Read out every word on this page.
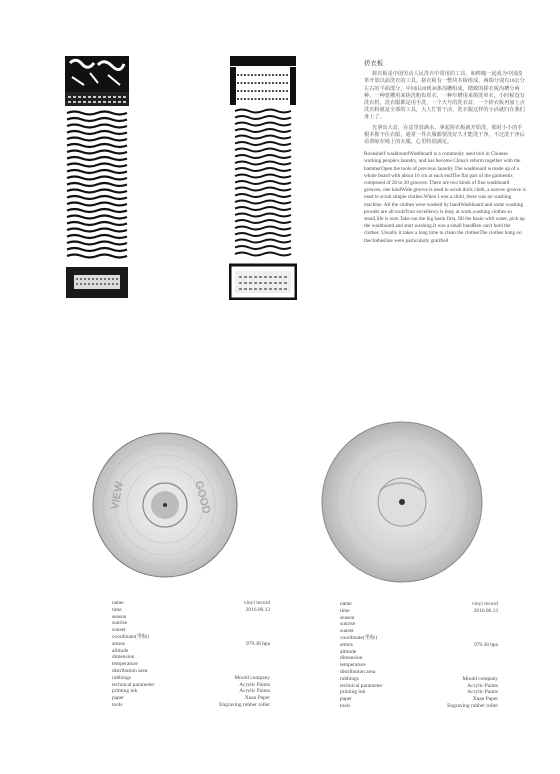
VIEW	GOOD
搓衣板

搓衣板是中国劳动人民洗衣中常用的工具，和棒槌一起成为中国改革开放以前洗衣的工具。搓衣板有一整块木板组成，两端分别有16公分左右的平面部分，中间由20到30条沟槽组成，精致的搓衣板沟槽分两种，一种宽槽用来搓洗粗布厚衣，一种窄槽用来搓洗单衣。小时候没有洗衣机，洗衣服都是用手洗，一个大号的洗衣盆，一个搓衣板再加上点洗衣粉就是全部的工具，大人忙着干活，洗衣服这样的小活就归在我们身上了。

先拿出大盆，在盆里放满水，拿起搓衣板就开始洗，那时小小的手根本握不住衣服，通常一件衣服都要洗好久才能洗干净，不过洗干净后看着晾在绳上的衣服，心里特别满足。

Bookshelf washboardWashboard is a commonly used tool in Chinese working people's laundry, and has become China's reform together with the hammerOpen the tools of previous laundry The washboard is made up of a whole board with about 16 cm at each endThe flat part of the garmentis composed of 20 to 30 grooves. There are two kinds of fine washboard grooves, one kindWide groove is used to scrub thick cloth, a narrow groove is used to scrub simple clothes.When I was a child, there was no washing machine. All the clothes were washed by handWashboard and some washing powder are all toolsYour excellency is busy at work,washing clothes so small,life is ours.Take out the big basin first, fill the basin with water, pick up the washboard and start washing.It was a small handBen can't hold the clothes. Usually it takes a long time to clean the clothesThe clothes hung on theclothesline were particularly gratified

name	vinyl record
time	2016.06.13
season
sunrise
sunset
coordinate(坐标)
atmos	979.38 hpa
altitude
dimension
temperature
distribution area
rubbings	Mould company
technical parameter	Acrylic Paints
printing ink	Acrylic Paints
paper	Xuan Paper
tools	Engraving rubber roller
name	vinyl record
time	2016.06.13
season
sunrise
sunset
coordinate(坐标)
atmos	979.38 hpa
altitude
dimension
temperature
distribution area
rubbings	Mould company
technical parameter	Acrylic Paints
printing ink	Acrylic Paints
paper	Xuan Paper
tools	Engraving rubber roller
